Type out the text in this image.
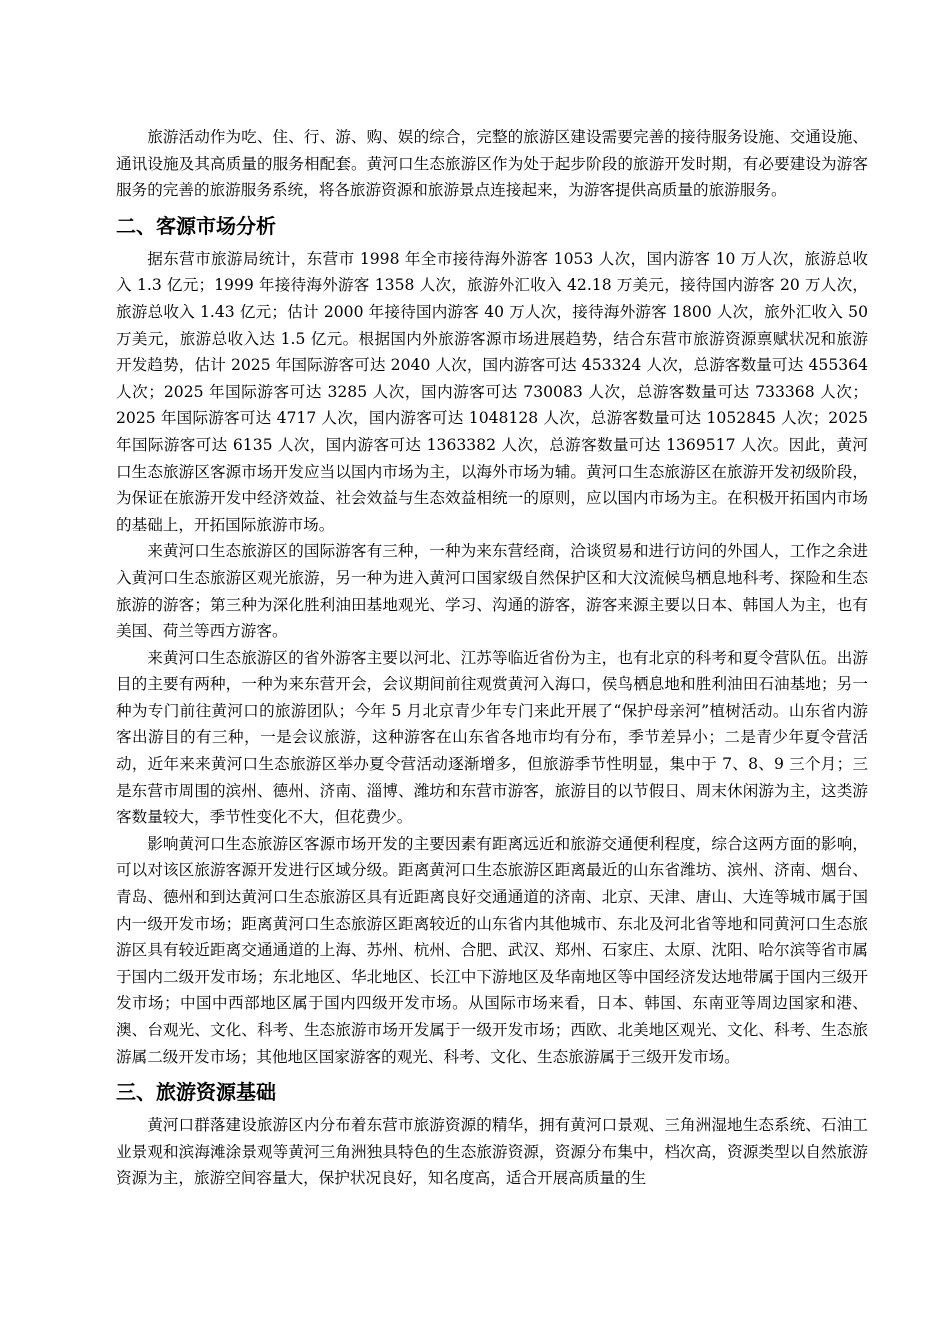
旅游活动作为吃、住、行、游、购、娱的综合，完整的旅游区建设需要完善的接待服务设施、交通设施、通讯设施及其高质量的服务相配套。黄河口生态旅游区作为处于起步阶段的旅游开发时期，有必要建设为游客服务的完善的旅游服务系统，将各旅游资源和旅游景点连接起来，为游客提供高质量的旅游服务。

二、客源市场分析

据东营市旅游局统计，东营市 1998 年全市接待海外游客 1053 人次，国内游客 10 万人次，旅游总收入 1.3 亿元；1999 年接待海外游客 1358 人次，旅游外汇收入 42.18 万美元，接待国内游客 20 万人次，旅游总收入 1.43 亿元；估计 2000 年接待国内游客 40 万人次，接待海外游客 1800 人次，旅外汇收入 50 万美元，旅游总收入达 1.5 亿元。根据国内外旅游客源市场进展趋势，结合东营市旅游资源禀赋状况和旅游开发趋势，估计 2025 年国际游客可达 2040 人次，国内游客可达 453324 人次，总游客数量可达 455364 人次；2025 年国际游客可达 3285 人次，国内游客可达 730083 人次，总游客数量可达 733368 人次；2025 年国际游客可达 4717 人次，国内游客可达 1048128 人次，总游客数量可达 1052845 人次；2025 年国际游客可达 6135 人次，国内游客可达 1363382 人次，总游客数量可达 1369517 人次。因此，黄河口生态旅游区客源市场开发应当以国内市场为主，以海外市场为辅。黄河口生态旅游区在旅游开发初级阶段，为保证在旅游开发中经济效益、社会效益与生态效益相统一的原则，应以国内市场为主。在积极开拓国内市场的基础上，开拓国际旅游市场。

来黄河口生态旅游区的国际游客有三种，一种为来东营经商，洽谈贸易和进行访问的外国人，工作之余进入黄河口生态旅游区观光旅游，另一种为进入黄河口国家级自然保护区和大汶流候鸟栖息地科考、探险和生态旅游的游客；第三种为深化胜利油田基地观光、学习、沟通的游客，游客来源主要以日本、韩国人为主，也有美国、荷兰等西方游客。

来黄河口生态旅游区的省外游客主要以河北、江苏等临近省份为主，也有北京的科考和夏令营队伍。出游目的主要有两种，一种为来东营开会，会议期间前往观赏黄河入海口，侯鸟栖息地和胜利油田石油基地；另一种为专门前往黄河口的旅游团队；今年 5 月北京青少年专门来此开展了“保护母亲河”植树活动。山东省内游客出游目的有三种，一是会议旅游，这种游客在山东省各地市均有分布，季节差异小；二是青少年夏令营活动，近年来来黄河口生态旅游区举办夏令营活动逐渐增多，但旅游季节性明显，集中于 7、8、9 三个月；三是东营市周围的滨州、德州、济南、淄博、潍坊和东营市游客，旅游目的以节假日、周末休闲游为主，这类游客数量较大，季节性变化不大，但花费少。

影响黄河口生态旅游区客源市场开发的主要因素有距离远近和旅游交通便利程度，综合这两方面的影响，可以对该区旅游客源开发进行区域分级。距离黄河口生态旅游区距离最近的山东省潍坊、滨州、济南、烟台、青岛、德州和到达黄河口生态旅游区具有近距离良好交通通道的济南、北京、天津、唐山、大连等城市属于国内一级开发市场；距离黄河口生态旅游区距离较近的山东省内其他城市、东北及河北省等地和同黄河口生态旅游区具有较近距离交通通道的上海、苏州、杭州、合肥、武汉、郑州、石家庄、太原、沈阳、哈尔滨等省市属于国内二级开发市场；东北地区、华北地区、长江中下游地区及华南地区等中国经济发达地带属于国内三级开发市场；中国中西部地区属于国内四级开发市场。从国际市场来看，日本、韩国、东南亚等周边国家和港、澳、台观光、文化、科考、生态旅游市场开发属于一级开发市场；西欧、北美地区观光、文化、科考、生态旅游属二级开发市场；其他地区国家游客的观光、科考、文化、生态旅游属于三级开发市场。

三、旅游资源基础

黄河口群落建设旅游区内分布着东营市旅游资源的精华，拥有黄河口景观、三角洲湿地生态系统、石油工业景观和滨海滩涂景观等黄河三角洲独具特色的生态旅游资源，资源分布集中，档次高，资源类型以自然旅游资源为主，旅游空间容量大，保护状况良好，知名度高，适合开展高质量的生
